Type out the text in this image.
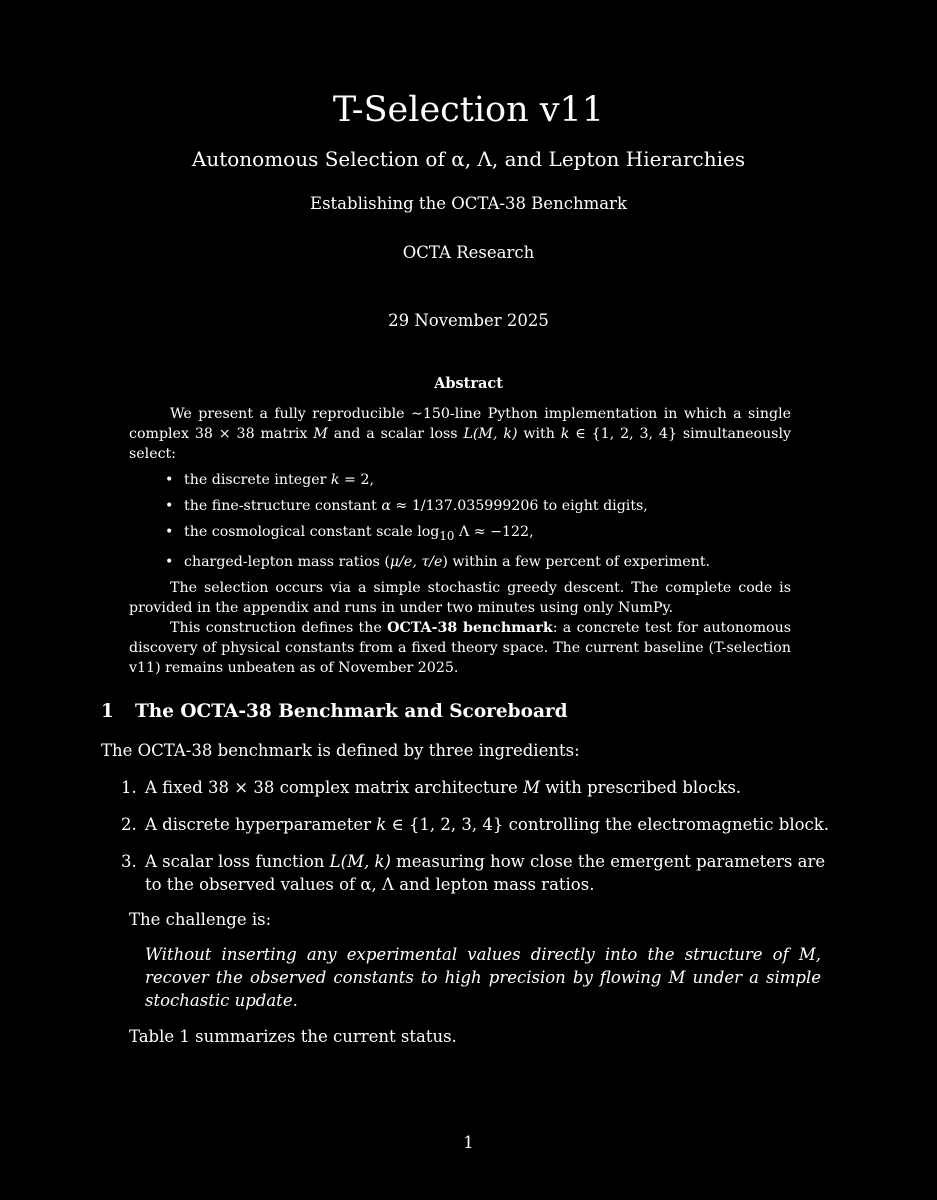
T-Selection v11
Autonomous Selection of α, Λ, and Lepton Hierarchies
Establishing the OCTA-38 Benchmark
OCTA Research
29 November 2025
Abstract

We present a fully reproducible ∼150-line Python implementation in which a single complex 38 × 38 matrix M and a scalar loss L(M, k) with k ∈ {1, 2, 3, 4} simultaneously select:

• the discrete integer k = 2,
• the fine-structure constant α ≈ 1/137.035999206 to eight digits,
• the cosmological constant scale $\log_{10} \Lambda \approx -122$,
• charged-lepton mass ratios (μ/e, τ/e) within a few percent of experiment.

The selection occurs via a simple stochastic greedy descent. The complete code is provided in the appendix and runs in under two minutes using only NumPy.

This construction defines the OCTA-38 benchmark: a concrete test for autonomous discovery of physical constants from a fixed theory space. The current baseline (T-selection v11) remains unbeaten as of November 2025.

1 The OCTA-38 Benchmark and Scoreboard
The OCTA-38 benchmark is defined by three ingredients:
1. A fixed 38 × 38 complex matrix architecture M with prescribed blocks.
2. A discrete hyperparameter k ∈ {1, 2, 3, 4} controlling the electromagnetic block.
3. A scalar loss function L(M, k) measuring how close the emergent parameters are to the observed values of α, Λ and lepton mass ratios.
The challenge is:
Without inserting any experimental values directly into the structure of M, recover the observed constants to high precision by flowing M under a simple stochastic update.
Table 1 summarizes the current status.
1
